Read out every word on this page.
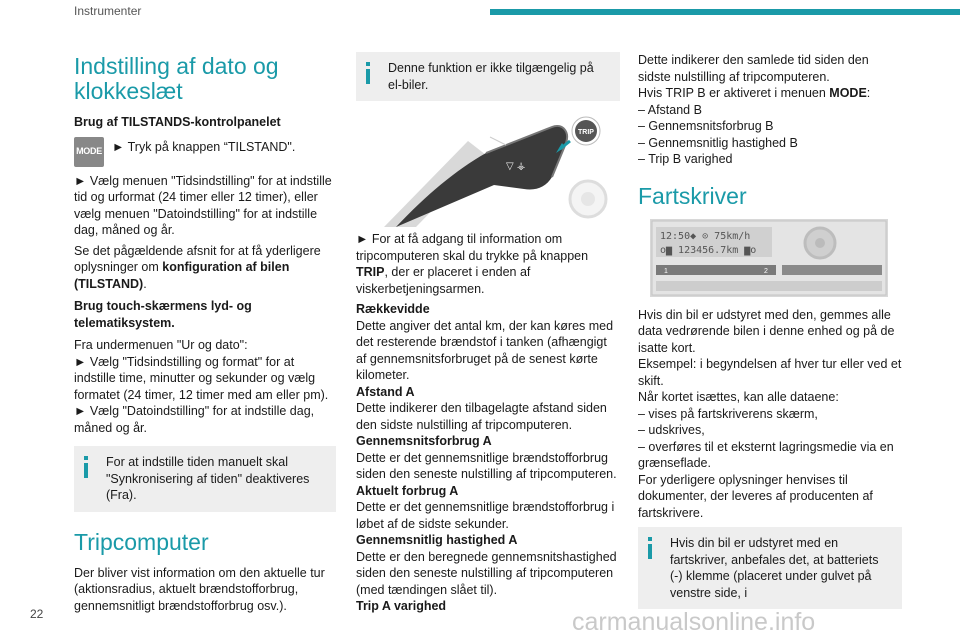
Instrumenter
Indstilling af dato og klokkeslæt
Brug af TILSTANDS-kontrolpanelet
MODE ► Tryk på knappen “TILSTAND".

► Vælg menuen "Tidsindstilling" for at indstille tid og urformat (24 timer eller 12 timer), eller vælg menuen "Datoindstilling" for at indstille dag, måned og år.

Se det pågældende afsnit for at få yderligere oplysninger om konfiguration af bilen (TILSTAND).

Brug touch-skærmens lyd- og telematiksystem.

Fra undermenuen "Ur og dato":

► Vælg "Tidsindstilling og format" for at indstille time, minutter og sekunder og vælg formatet (24 timer, 12 timer med am eller pm).

► Vælg "Datoindstilling" for at indstille dag, måned og år.

For at indstille tiden manuelt skal "Synkronisering af tiden" deaktiveres (Fra).
Tripcomputer

Der bliver vist information om den aktuelle tur (aktionsradius, aktuelt brændstofforbrug, gennemsnitligt brændstofforbrug osv.).

Denne funktion er ikke tilgængelig på el-biler.
▽ ⚶
TRIP

► For at få adgang til information om tripcomputeren skal du trykke på knappen TRIP, der er placeret i enden af viskerbetjeningsarmen.

Rækkevidde
Dette angiver det antal km, der kan køres med det resterende brændstof i tanken (afhængigt af gennemsnitsforbruget på de senest kørte kilometer.
Afstand A
Dette indikerer den tilbagelagte afstand siden den sidste nulstilling af tripcomputeren.
Gennemsnitsforbrug A
Dette er det gennemsnitlige brændstofforbrug siden den seneste nulstilling af tripcomputeren.
Aktuelt forbrug A
Dette er det gennemsnitlige brændstofforbrug i løbet af de sidste sekunder.
Gennemsnitlig hastighed A
Dette er den beregnede gennemsnitshastighed siden den seneste nulstilling af tripcomputeren (med tændingen slået til).
Trip A varighed

Dette indikerer den samlede tid siden den sidste nulstilling af tripcomputeren.

Hvis TRIP B er aktiveret i menuen MODE:

– Afstand B
– Gennemsnitsforbrug B
– Gennemsnitlig hastighed B
– Trip B varighed
Fartskriver
12:50◆ ⊙ 75km/h
o▆ 123456.7km ▆o
1	2

Hvis din bil er udstyret med den, gemmes alle data vedrørende bilen i denne enhed og på de isatte kort.

Eksempel: i begyndelsen af hver tur eller ved et skift.

Når kortet isættes, kan alle dataene:

– vises på fartskriverens skærm,
– udskrives,
– overføres til et eksternt lagringsmedie via en grænseflade.

For yderligere oplysninger henvises til dokumenter, der leveres af producenten af fartskrivere.

Hvis din bil er udstyret med en fartskriver, anbefales det, at batteriets (-) klemme (placeret under gulvet på venstre side, i
22	carmanualsonline.info
